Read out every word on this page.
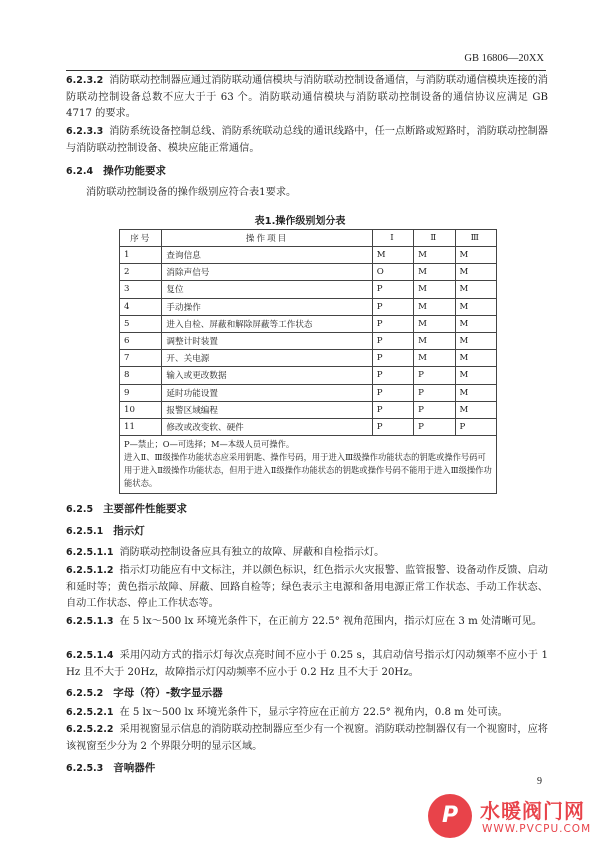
GB 16806—20XX
6.2.3.2 消防联动控制器应通过消防联动通信模块与消防联动控制设备通信，与消防联动通信模块连接的消防联动控制设备总数不应大于于 63 个。消防联动通信模块与消防联动控制设备的通信协议应满足 GB 4717 的要求。
6.2.3.3 消防系统设备控制总线、消防系统联动总线的通讯线路中，任一点断路或短路时，消防联动控制器与消防联动控制设备、模块应能正常通信。
6.2.4 操作功能要求
消防联动控制设备的操作级别应符合表1要求。
表1.操作级别划分表
序号	操作项目	Ⅰ	Ⅱ	Ⅲ
1	查询信息	M	M	M
2	消除声信号	O	M	M
3	复位	P	M	M
4	手动操作	P	M	M
5	进入自检、屏蔽和解除屏蔽等工作状态	P	M	M
6	调整计时装置	P	M	M
7	开、关电源	P	M	M
8	输入或更改数据	P	P	M
9	延时功能设置	P	P	M
10	报警区域编程	P	P	M
11	修改或改变软、硬件	P	P	P

P—禁止；O—可选择；M—本级人员可操作。
进入Ⅱ、Ⅲ级操作功能状态应采用钥匙、操作号码，用于进入Ⅲ级操作功能状态的钥匙或操作号码可用于进入Ⅱ级操作功能状态，但用于进入Ⅱ级操作功能状态的钥匙或操作号码不能用于进入Ⅲ级操作功能状态。				
6.2.5 主要部件性能要求
6.2.5.1 指示灯
6.2.5.1.1 消防联动控制设备应具有独立的故障、屏蔽和自检指示灯。
6.2.5.1.2 指示灯功能应有中文标注，并以颜色标识，红色指示火灾报警、监管报警、设备动作反馈、启动和延时等；黄色指示故障、屏蔽、回路自检等；绿色表示主电源和备用电源正常工作状态、手动工作状态、自动工作状态、停止工作状态等。
6.2.5.1.3 在 5 lx～500 lx 环境光条件下，在正前方 22.5° 视角范围内，指示灯应在 3 m 处清晰可见。
6.2.5.1.4 采用闪动方式的指示灯每次点亮时间不应小于 0.25 s，其启动信号指示灯闪动频率不应小于 1 Hz 且不大于 20Hz，故障指示灯闪动频率不应小于 0.2 Hz 且不大于 20Hz。
6.2.5.2 字母（符）-数字显示器
6.2.5.2.1 在 5 lx～500 lx 环境光条件下，显示字符应在正前方 22.5° 视角内，0.8 m 处可读。
6.2.5.2.2 采用视窗显示信息的消防联动控制器应至少有一个视窗。消防联动控制器仅有一个视窗时，应将该视窗至少分为 2 个界限分明的显示区域。
6.2.5.3 音响器件
9
P	水暖阀门网
WWW.PVCPU.COM
